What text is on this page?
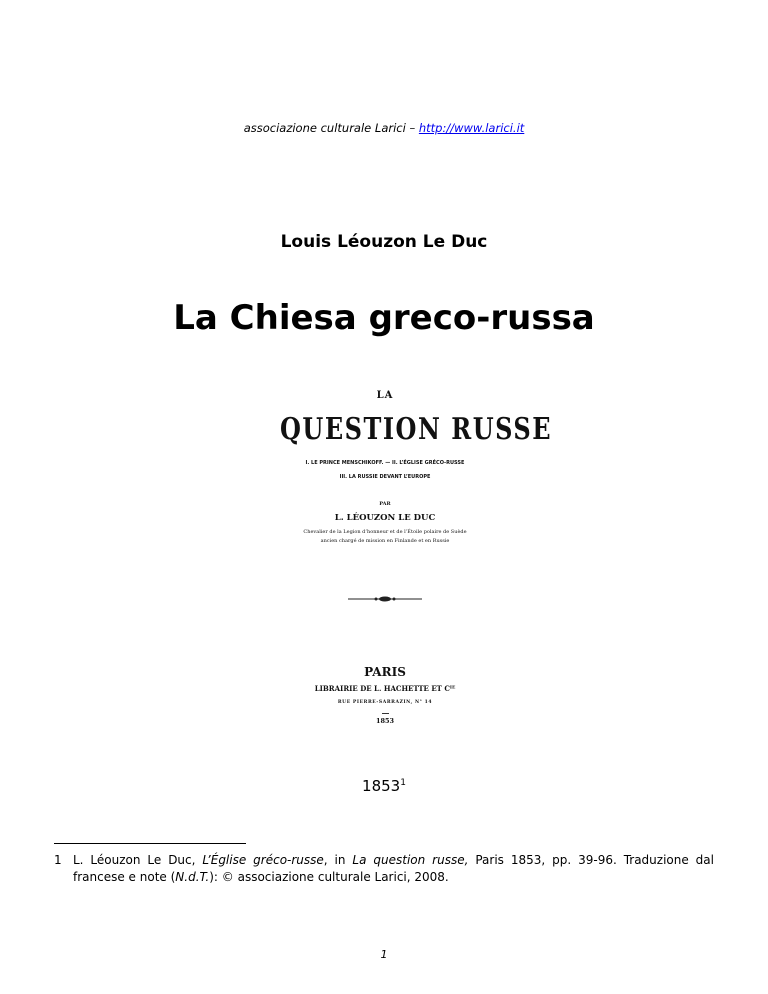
associazione culturale Larici – http://www.larici.it
Louis Léouzon Le Duc
La Chiesa greco-russa
LA
QUESTION RUSSE
I. LE PRINCE MENSCHIKOFF. — II. L’ÉGLISE GRÉCO-RUSSE
III. LA RUSSIE DEVANT L’EUROPE
PAR
L. LÉOUZON LE DUC
Chevalier de la Legion d’honneur et de l’Étoile polaire de Suède
ancien chargé de mission en Finlande et en Russie
PARIS
LIBRAIRIE DE L. HACHETTE ET Cᴵᴱ
RUE PIERRE-SARRAZIN, N° 14
1853
1853$^1$
1 L. Léouzon Le Duc, L’Église gréco-russe, in La question russe, Paris 1853, pp. 39-96. Traduzione dal francese e note (N.d.T.): © associazione culturale Larici, 2008.
1
